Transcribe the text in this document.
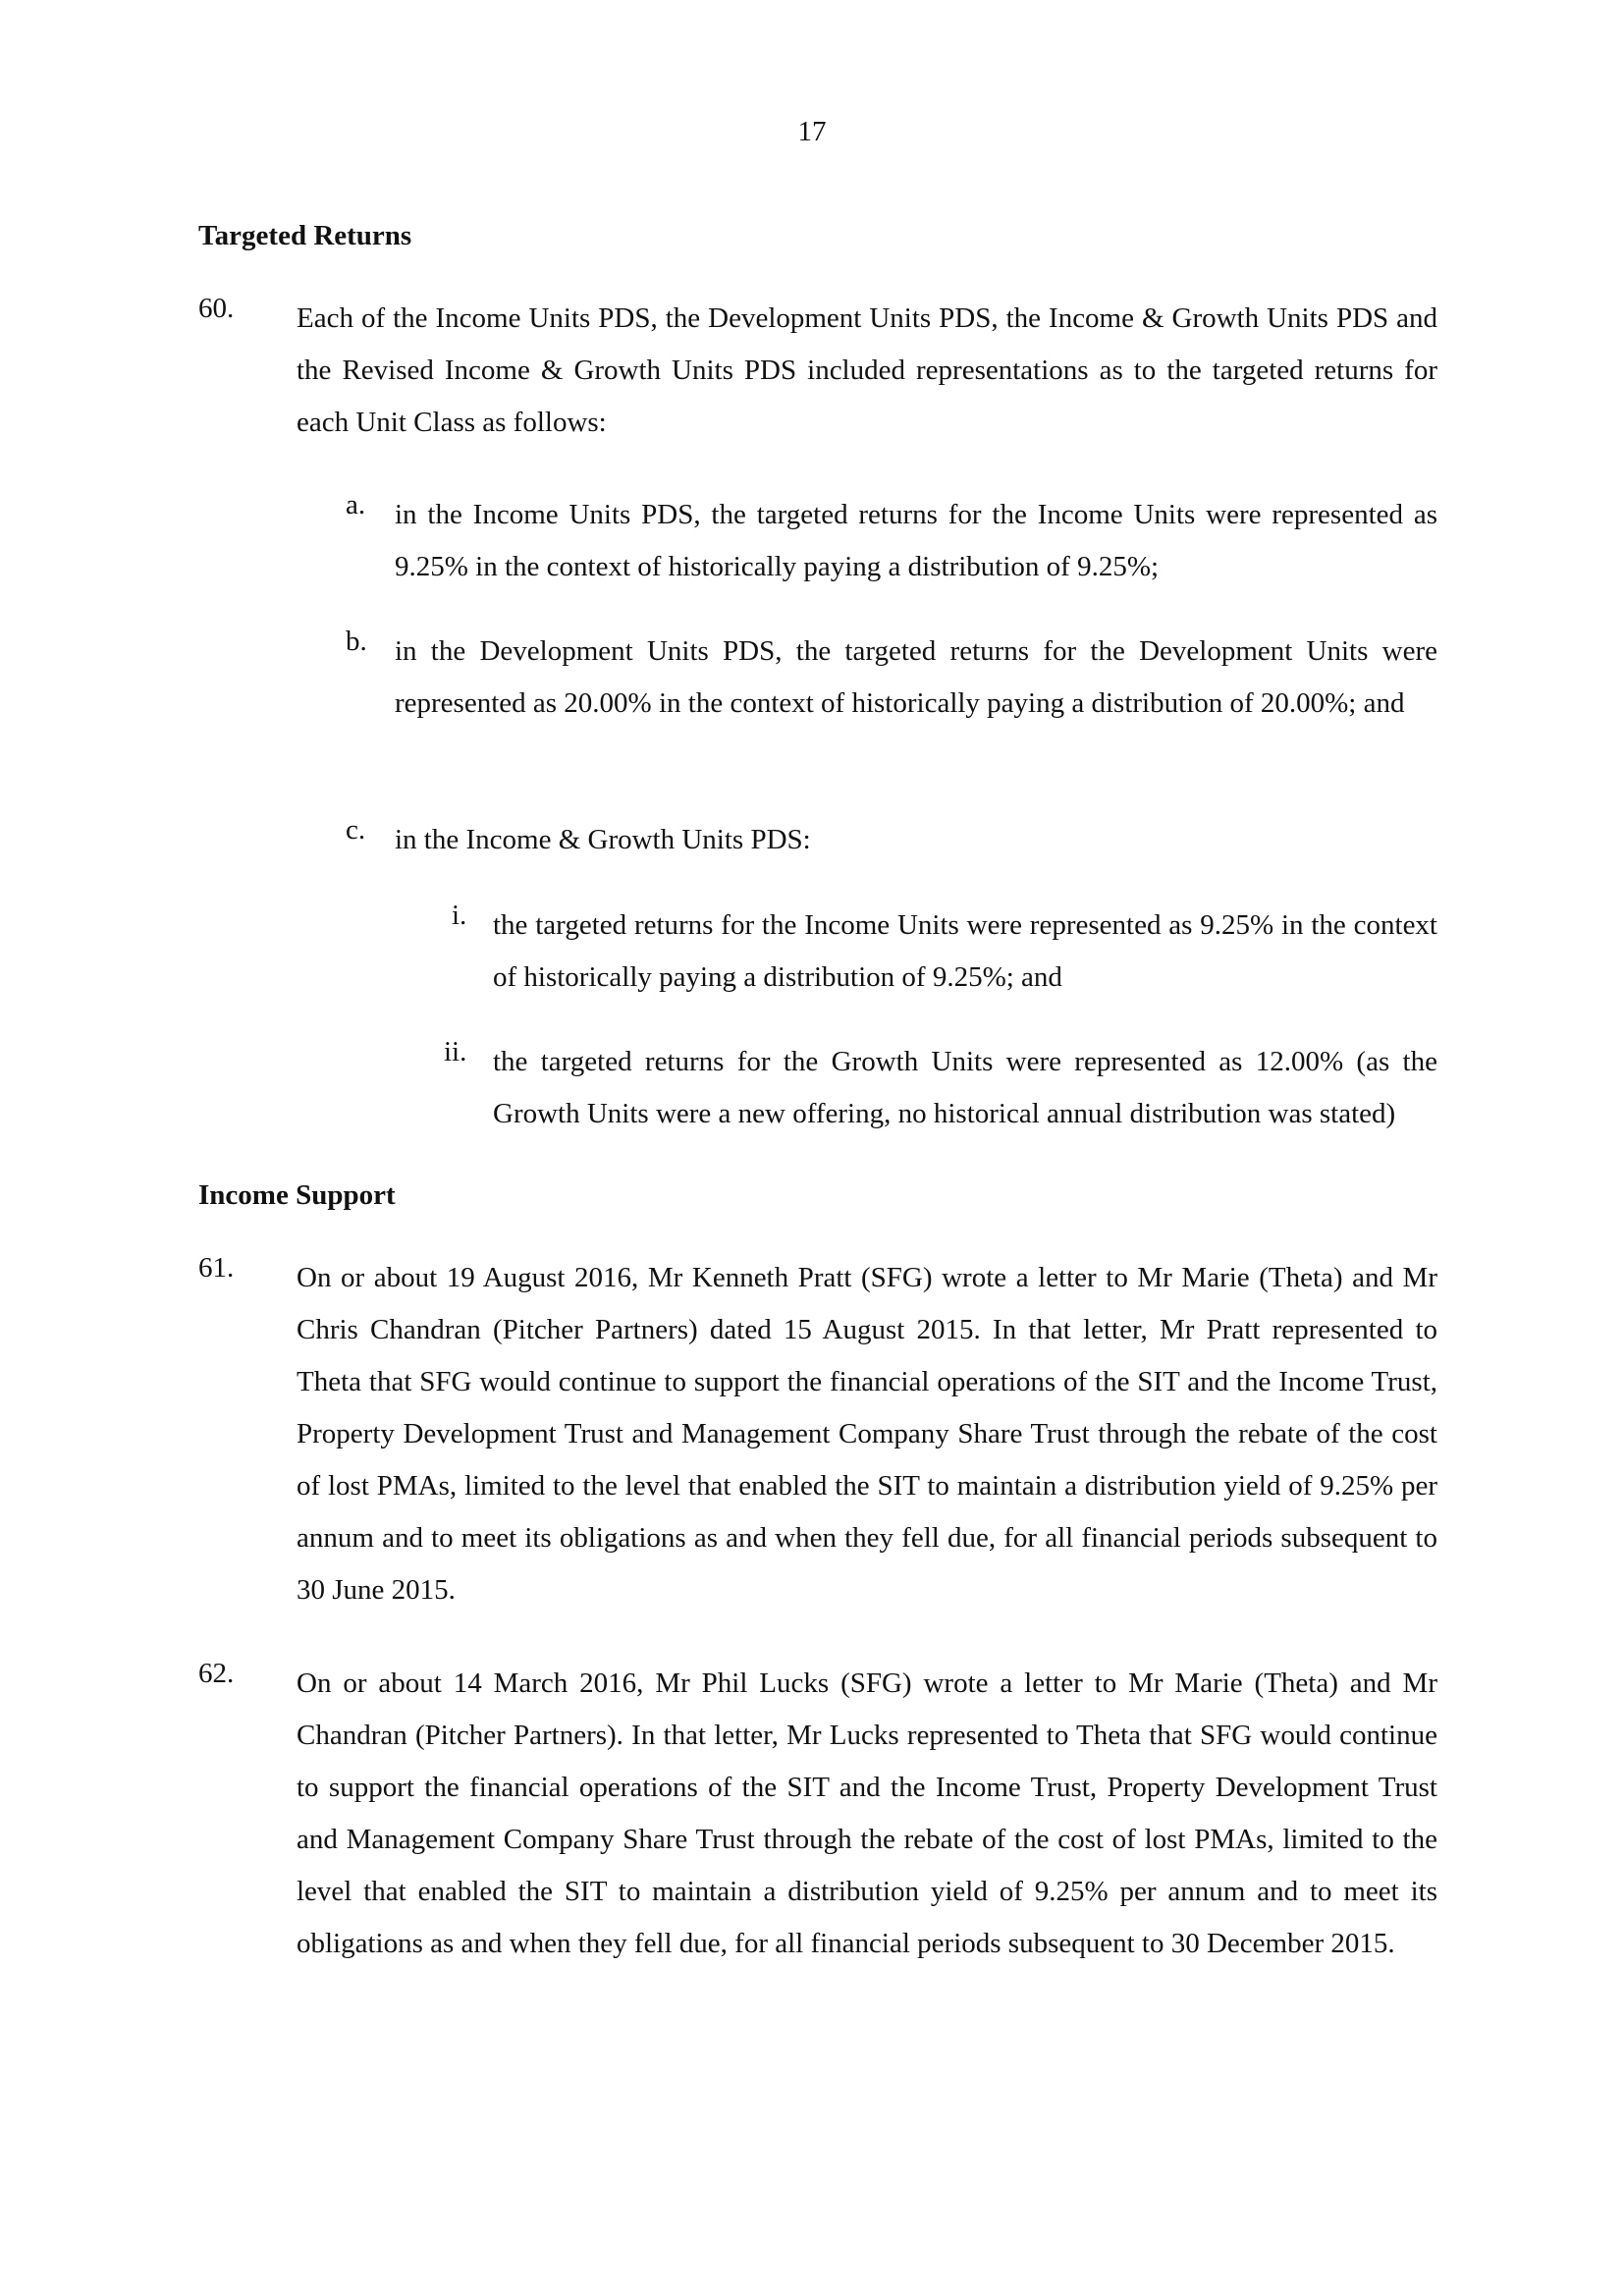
17
Targeted Returns
60. Each of the Income Units PDS, the Development Units PDS, the Income & Growth Units PDS and the Revised Income & Growth Units PDS included representations as to the targeted returns for each Unit Class as follows:
a. in the Income Units PDS, the targeted returns for the Income Units were represented as 9.25% in the context of historically paying a distribution of 9.25%;
b. in the Development Units PDS, the targeted returns for the Development Units were represented as 20.00% in the context of historically paying a distribution of 20.00%; and
c. in the Income & Growth Units PDS:
i. the targeted returns for the Income Units were represented as 9.25% in the context of historically paying a distribution of 9.25%; and
ii. the targeted returns for the Growth Units were represented as 12.00% (as the Growth Units were a new offering, no historical annual distribution was stated)
Income Support
61. On or about 19 August 2016, Mr Kenneth Pratt (SFG) wrote a letter to Mr Marie (Theta) and Mr Chris Chandran (Pitcher Partners) dated 15 August 2015. In that letter, Mr Pratt represented to Theta that SFG would continue to support the financial operations of the SIT and the Income Trust, Property Development Trust and Management Company Share Trust through the rebate of the cost of lost PMAs, limited to the level that enabled the SIT to maintain a distribution yield of 9.25% per annum and to meet its obligations as and when they fell due, for all financial periods subsequent to 30 June 2015.
62. On or about 14 March 2016, Mr Phil Lucks (SFG) wrote a letter to Mr Marie (Theta) and Mr Chandran (Pitcher Partners). In that letter, Mr Lucks represented to Theta that SFG would continue to support the financial operations of the SIT and the Income Trust, Property Development Trust and Management Company Share Trust through the rebate of the cost of lost PMAs, limited to the level that enabled the SIT to maintain a distribution yield of 9.25% per annum and to meet its obligations as and when they fell due, for all financial periods subsequent to 30 December 2015.
